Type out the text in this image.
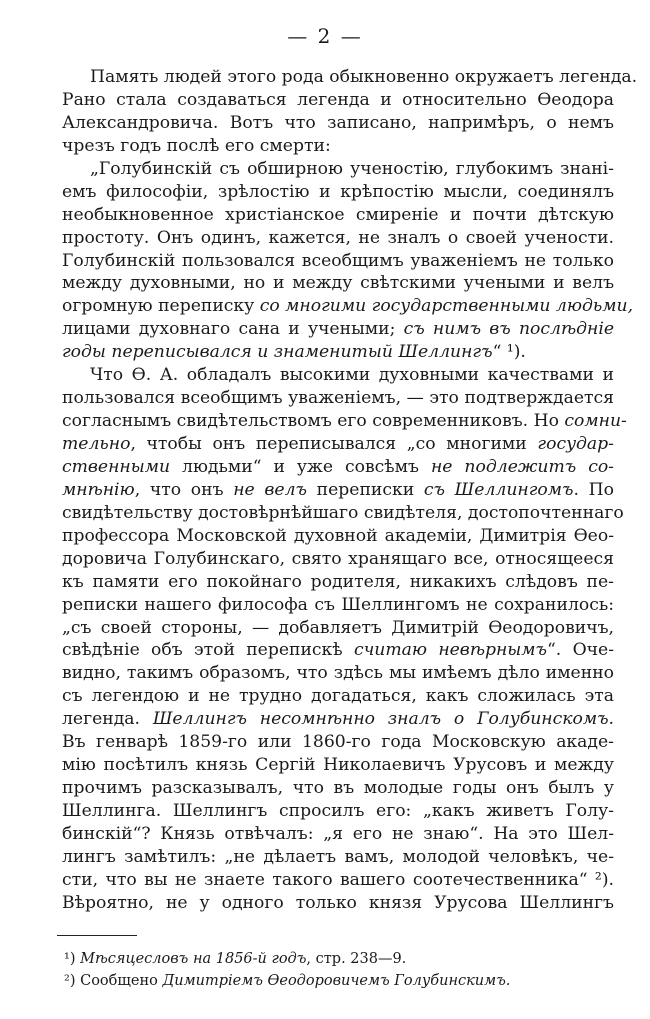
— 2 —
Память людей этого рода обыкновенно окружаетъ легенда.
Рано стала создаваться легенда и относительно Ѳеодора
Александровича. Вотъ что записано, напримѣръ, о немъ
чрезъ годъ послѣ его смерти:
„Голубинскій съ обширною ученостію, глубокимъ знані-
емъ философіи, зрѣлостію и крѣпостію мысли, соединялъ
необыкновенное христіанское смиреніе и почти дѣтскую
простоту. Онъ одинъ, кажется, не зналъ о своей учености.
Голубинскій пользовался всеобщимъ уваженіемъ не только
между духовными, но и между свѣтскими учеными и велъ
огромную переписку со многими государственными людьми,
лицами духовнаго сана и учеными; съ нимъ въ послѣдніе
годы переписывался и знаменитый Шеллингъ“ ¹).
Что Ѳ. А. обладалъ высокими духовными качествами и
пользовался всеобщимъ уваженіемъ, — это подтверждается
согласнымъ свидѣтельствомъ его современниковъ. Но сомни-
тельно, чтобы онъ переписывался „со многими государ-
ственными людьми“ и уже совсѣмъ не подлежитъ со-
мнѣнію, что онъ не велъ переписки съ Шеллингомъ. По
свидѣтельству достовѣрнѣйшаго свидѣтеля, достопочтеннаго
профессора Московской духовной академіи, Димитрія Ѳео-
доровича Голубинскаго, свято хранящаго все, относящееся
къ памяти его покойнаго родителя, никакихъ слѣдовъ пе-
реписки нашего философа съ Шеллингомъ не сохранилось:
„съ своей стороны, — добавляетъ Димитрій Ѳеодоровичъ,
свѣдѣніе объ этой перепискѣ считаю невѣрнымъ“. Оче-
видно, такимъ образомъ, что здѣсь мы имѣемъ дѣло именно
съ легендою и не трудно догадаться, какъ сложилась эта
легенда. Шеллингъ несомнѣнно зналъ о Голубинскомъ.
Въ генварѣ 1859-го или 1860-го года Московскую акаде-
мію посѣтилъ князь Сергій Николаевичъ Урусовъ и между
прочимъ разсказывалъ, что въ молодые годы онъ былъ у
Шеллинга. Шеллингъ спросилъ его: „какъ живетъ Голу-
бинскій“? Князь отвѣчалъ: „я его не знаю“. На это Шел-
лингъ замѣтилъ: „не дѣлаетъ вамъ, молодой человѣкъ, че-
сти, что вы не знаете такого вашего соотечественника“ ²).
Вѣроятно, не у одного только князя Урусова Шеллингъ
¹) Мѣсяцесловъ на 1856-й годъ, стр. 238—9.
²) Сообщено Димитріемъ Ѳеодоровичемъ Голубинскимъ.
